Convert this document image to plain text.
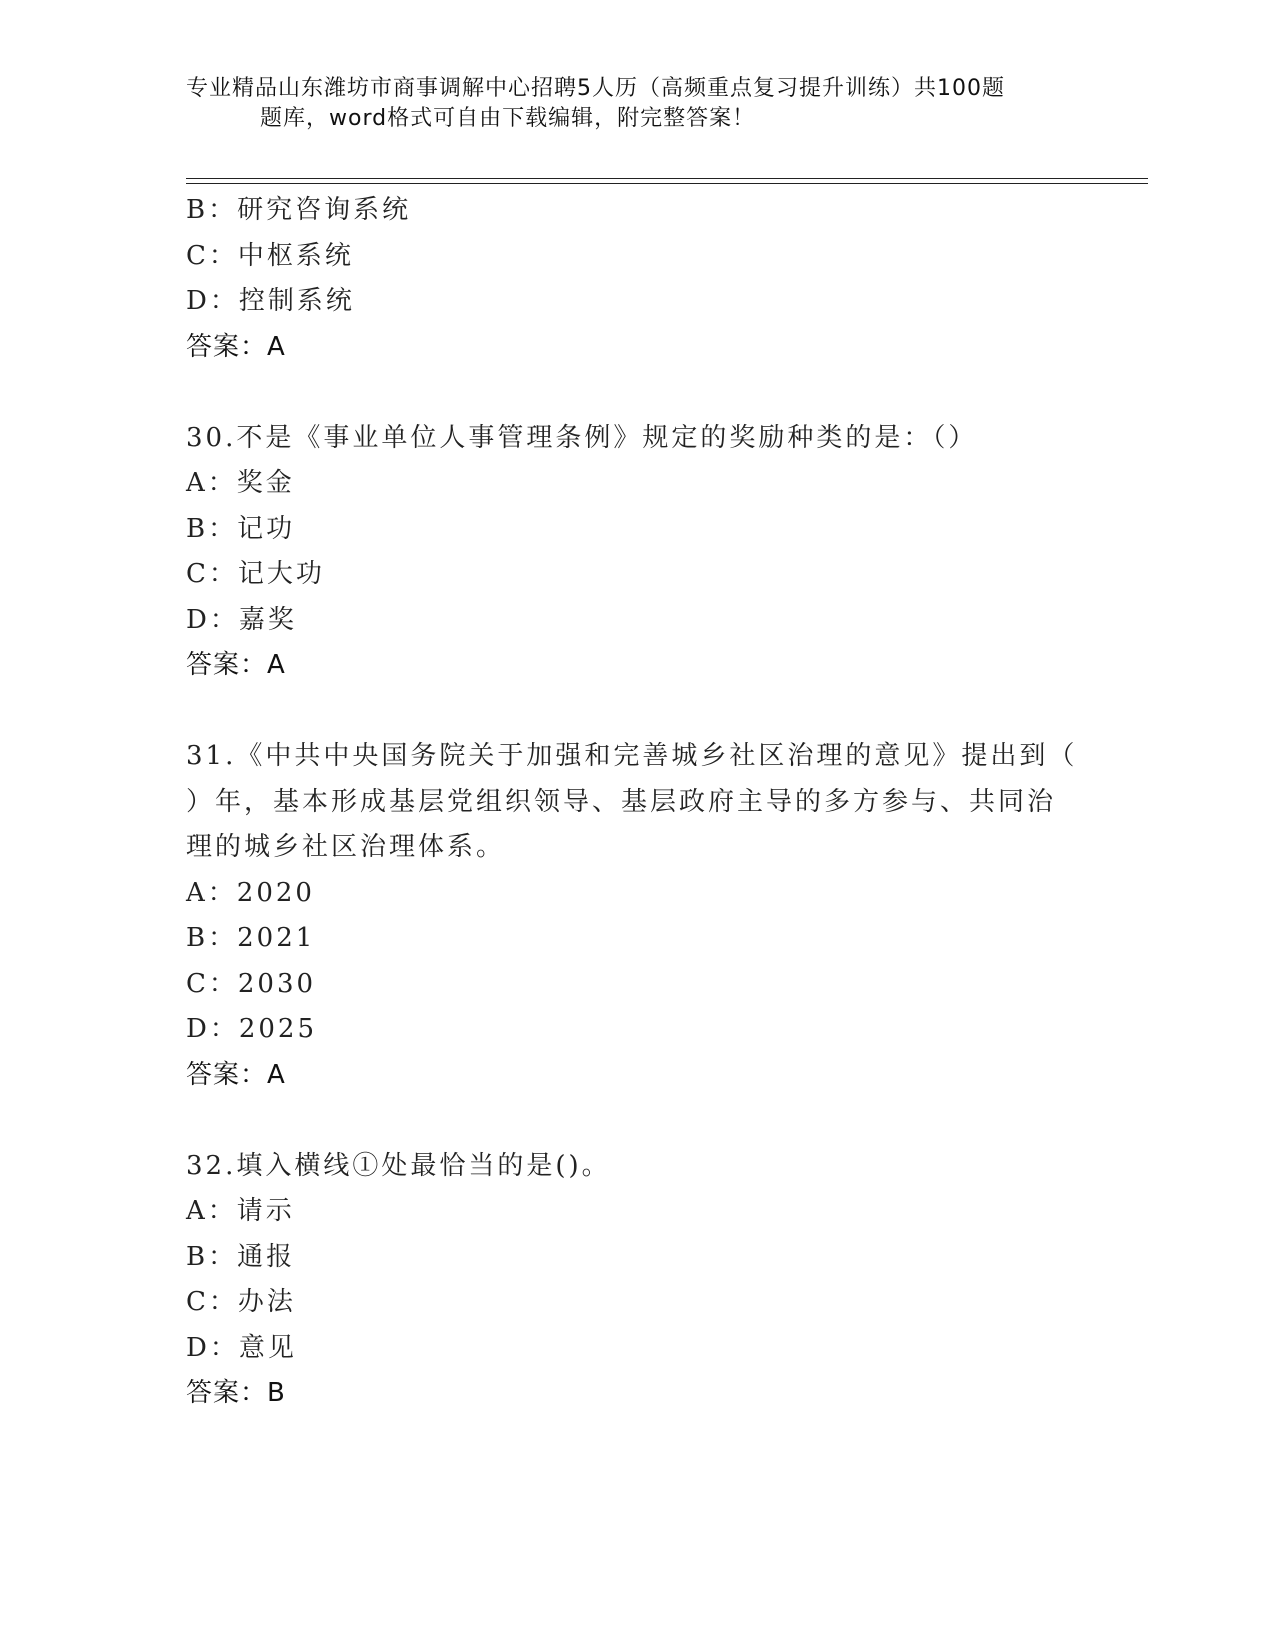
专业精品山东潍坊市商事调解中心招聘5人历（高频重点复习提升训练）共100题
题库，word格式可自由下载编辑，附完整答案！
B：研究咨询系统
C：中枢系统
D：控制系统
答案：A
30.不是《事业单位人事管理条例》规定的奖励种类的是：（）
A：奖金
B：记功
C：记大功
D：嘉奖
答案：A
31.《中共中央国务院关于加强和完善城乡社区治理的意见》提出到（
）年，基本形成基层党组织领导、基层政府主导的多方参与、共同治
理的城乡社区治理体系。
A：2020
B：2021
C：2030
D：2025
答案：A
32.填入横线①处最恰当的是()。
A：请示
B：通报
C：办法
D：意见
答案：B
